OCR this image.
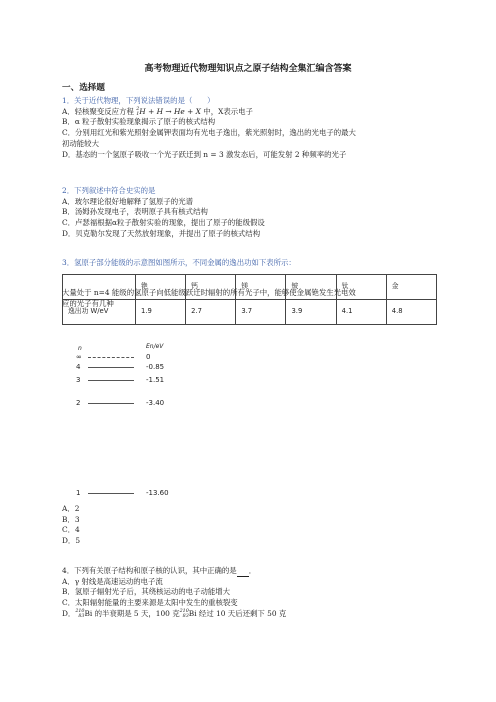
高考物理近代物理知识点之原子结构全集汇编含答案
一、选择题
1．关于近代物理，下列说法错误的是（　　）
A．轻核聚变反应方程 2
1H + H → He + X 中，X表示电子
B．α 粒子散射实验现象揭示了原子的核式结构
C．分别用红光和紫光照射金属钾表面均有光电子逸出，紫光照射时，逸出的光电子的最大
初动能较大
D．基态的一个氢原子吸收一个光子跃迁到 n = 3 激发态后，可能发射 2 种频率的光子
2．下列叙述中符合史实的是
A．玻尔理论很好地解释了氢原子的光谱
B．汤姆孙发现电子，表明原子具有核式结构
C．卢瑟福根据α粒子散射实验的现象，提出了原子的能级假设
D．贝克勒尔发现了天然放射现象，并提出了原子的核式结构
3．氢原子部分能级的示意图如图所示，不同金属的逸出功如下表所示：
	铯	钙	镁	铍	钛	金
逸出功 W/eV	1.9	2.7	3.7	3.9	4.1	4.8
大量处于 n=4 能级的氢原子向低能级跃迁时辐射的所有光子中，能够使金属铯发生光电效
应的光子有几种
n	En/eV
∞	0
4	-0.85
3	-1.51
2	-3.40
1	-13.60
A．2
B．3
C．4
D．5
4．下列有关原子结构和原子核的认识，其中正确的是 ．
A．γ 射线是高速运动的电子流
B．氢原子辐射光子后，其绕核运动的电子动能增大
C．太阳辐射能量的主要来源是太阳中发生的重核裂变
D．210
83Bi 的半衰期是 5 天，100 克210
83Bi 经过 10 天后还剩下 50 克
